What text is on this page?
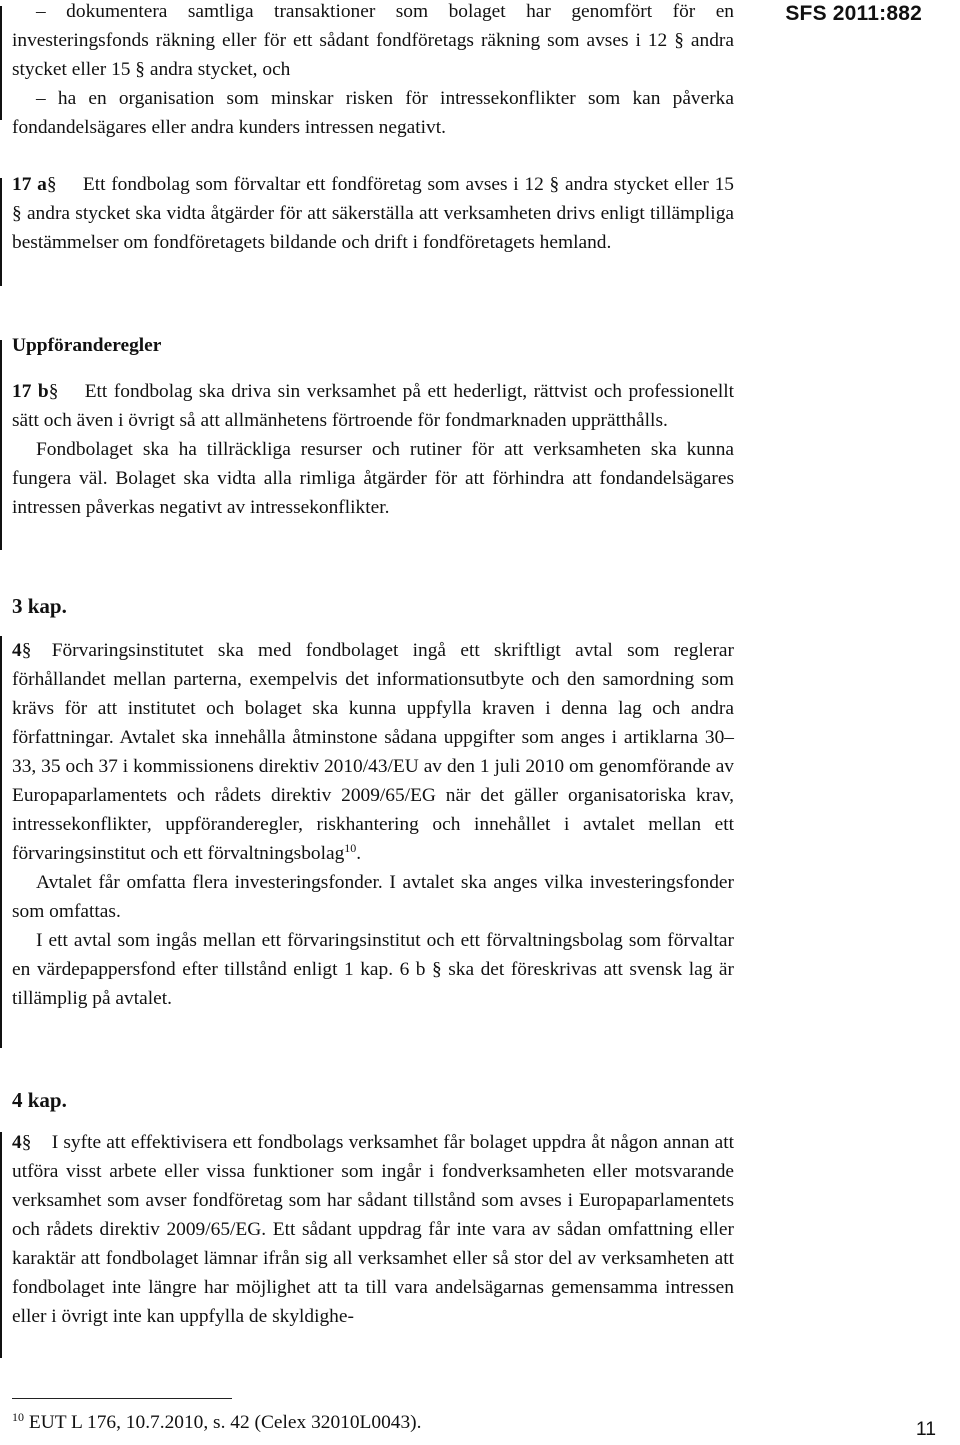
SFS 2011:882

– dokumentera samtliga transaktioner som bolaget har genomfört för en investeringsfonds räkning eller för ett sådant fondföretags räkning som avses i 12 § andra stycket eller 15 § andra stycket, och

– ha en organisation som minskar risken för intressekonflikter som kan påverka fondandelsägares eller andra kunders intressen negativt.

17 a§ Ett fondbolag som förvaltar ett fondföretag som avses i 12 § andra stycket eller 15 § andra stycket ska vidta åtgärder för att säkerställa att verksamheten drivs enligt tillämpliga bestämmelser om fondföretagets bildande och drift i fondföretagets hemland.

Uppföranderegler

17 b§ Ett fondbolag ska driva sin verksamhet på ett hederligt, rättvist och professionellt sätt och även i övrigt så att allmänhetens förtroende för fondmarknaden upprätthålls.

Fondbolaget ska ha tillräckliga resurser och rutiner för att verksamheten ska kunna fungera väl. Bolaget ska vidta alla rimliga åtgärder för att förhindra att fondandelsägares intressen påverkas negativt av intressekonflikter.

3 kap.

4§ Förvaringsinstitutet ska med fondbolaget ingå ett skriftligt avtal som reglerar förhållandet mellan parterna, exempelvis det informationsutbyte och den samordning som krävs för att institutet och bolaget ska kunna uppfylla kraven i denna lag och andra författningar. Avtalet ska innehålla åtminstone sådana uppgifter som anges i artiklarna 30–33, 35 och 37 i kommissionens direktiv 2010/43/EU av den 1 juli 2010 om genomförande av Europaparlamentets och rådets direktiv 2009/65/EG när det gäller organisatoriska krav, intressekonflikter, uppföranderegler, riskhantering och innehållet i avtalet mellan ett förvaringsinstitut och ett förvaltningsbolag$^{10}$.

Avtalet får omfatta flera investeringsfonder. I avtalet ska anges vilka investeringsfonder som omfattas.

I ett avtal som ingås mellan ett förvaringsinstitut och ett förvaltningsbolag som förvaltar en värdepappersfond efter tillstånd enligt 1 kap. 6 b § ska det föreskrivas att svensk lag är tillämplig på avtalet.

4 kap.

4§ I syfte att effektivisera ett fondbolags verksamhet får bolaget uppdra åt någon annan att utföra visst arbete eller vissa funktioner som ingår i fondverksamheten eller motsvarande verksamhet som avser fondföretag som har sådant tillstånd som avses i Europaparlamentets och rådets direktiv 2009/65/EG. Ett sådant uppdrag får inte vara av sådan omfattning eller karaktär att fondbolaget lämnar ifrån sig all verksamhet eller så stor del av verksamheten att fondbolaget inte längre har möjlighet att ta till vara andelsägarnas gemensamma intressen eller i övrigt inte kan uppfylla de skyldighe-

$^{10}$ EUT L 176, 10.7.2010, s. 42 (Celex 32010L0043).	11
